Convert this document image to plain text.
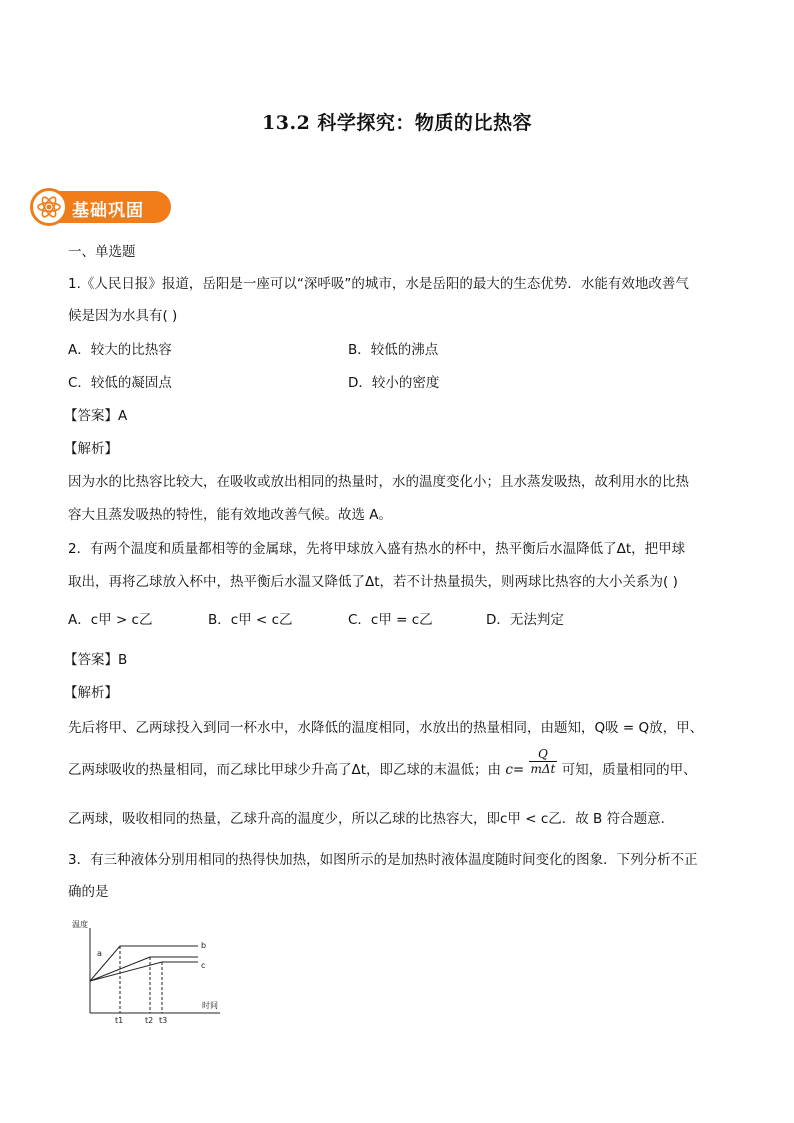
13.2 科学探究：物质的比热容
基础巩固
一、单选题
1.《人民日报》报道，岳阳是一座可以“深呼吸”的城市，水是岳阳的最大的生态优势．水能有效地改善气
候是因为水具有( )
A．较大的比热容	B．较低的沸点
C．较低的凝固点	D．较小的密度
【答案】A
【解析】
因为水的比热容比较大，在吸收或放出相同的热量时，水的温度变化小；且水蒸发吸热，故利用水的比热
容大且蒸发吸热的特性，能有效地改善气候。故选 A。
2．有两个温度和质量都相等的金属球，先将甲球放入盛有热水的杯中，热平衡后水温降低了Δt，把甲球
取出，再将乙球放入杯中，热平衡后水温又降低了Δt，若不计热量损失，则两球比热容的大小关系为( )
A．c甲 > c乙	B．c甲 < c乙	C．c甲 = c乙	D．无法判定
【答案】B
【解析】
先后将甲、乙两球投入到同一杯水中，水降低的温度相同，水放出的热量相同，由题知，Q吸 = Q放，甲、
乙两球吸收的热量相同，而乙球比甲球少升高了Δt，即乙球的末温低；由 $c= \frac{Q}{\text{mΔt}}$ 可知，质量相同的甲、
乙两球，吸收相同的热量，乙球升高的温度少，所以乙球的比热容大，即c甲 < c乙．故 B 符合题意．
3．有三种液体分别用相同的热得快加热，如图所示的是加热时液体温度随时间变化的图象．下列分析不正
确的是
温度
时间
a
b
c
t1	t2 t3
